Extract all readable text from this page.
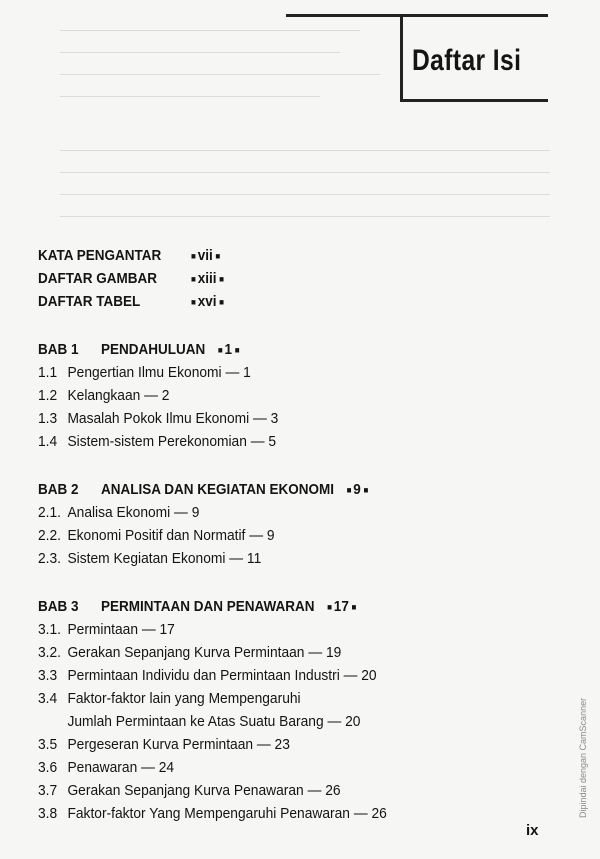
Daftar Isi
KATA PENGANTAR	■ vii ■
DAFTAR GAMBAR	■ xiii ■
DAFTAR TABEL	■ xvi ■
BAB 1	PENDAHULUAN	■ 1 ■
1.1 Pengertian Ilmu Ekonomi — 1
1.2 Kelangkaan — 2
1.3 Masalah Pokok Ilmu Ekonomi — 3
1.4 Sistem-sistem Perekonomian — 5
BAB 2	ANALISA DAN KEGIATAN EKONOMI	■ 9 ■
2.1. Analisa Ekonomi — 9
2.2. Ekonomi Positif dan Normatif — 9
2.3. Sistem Kegiatan Ekonomi — 11
BAB 3	PERMINTAAN DAN PENAWARAN	■ 17 ■
3.1. Permintaan — 17
3.2. Gerakan Sepanjang Kurva Permintaan — 19
3.3 Permintaan Individu dan Permintaan Industri — 20
3.4 Faktor-faktor lain yang Mempengaruhi
Jumlah Permintaan ke Atas Suatu Barang — 20
3.5 Pergeseran Kurva Permintaan — 23
3.6 Penawaran — 24
3.7 Gerakan Sepanjang Kurva Penawaran — 26
3.8 Faktor-faktor Yang Mempengaruhi Penawaran — 26
ix
Dipindai dengan CamScanner
